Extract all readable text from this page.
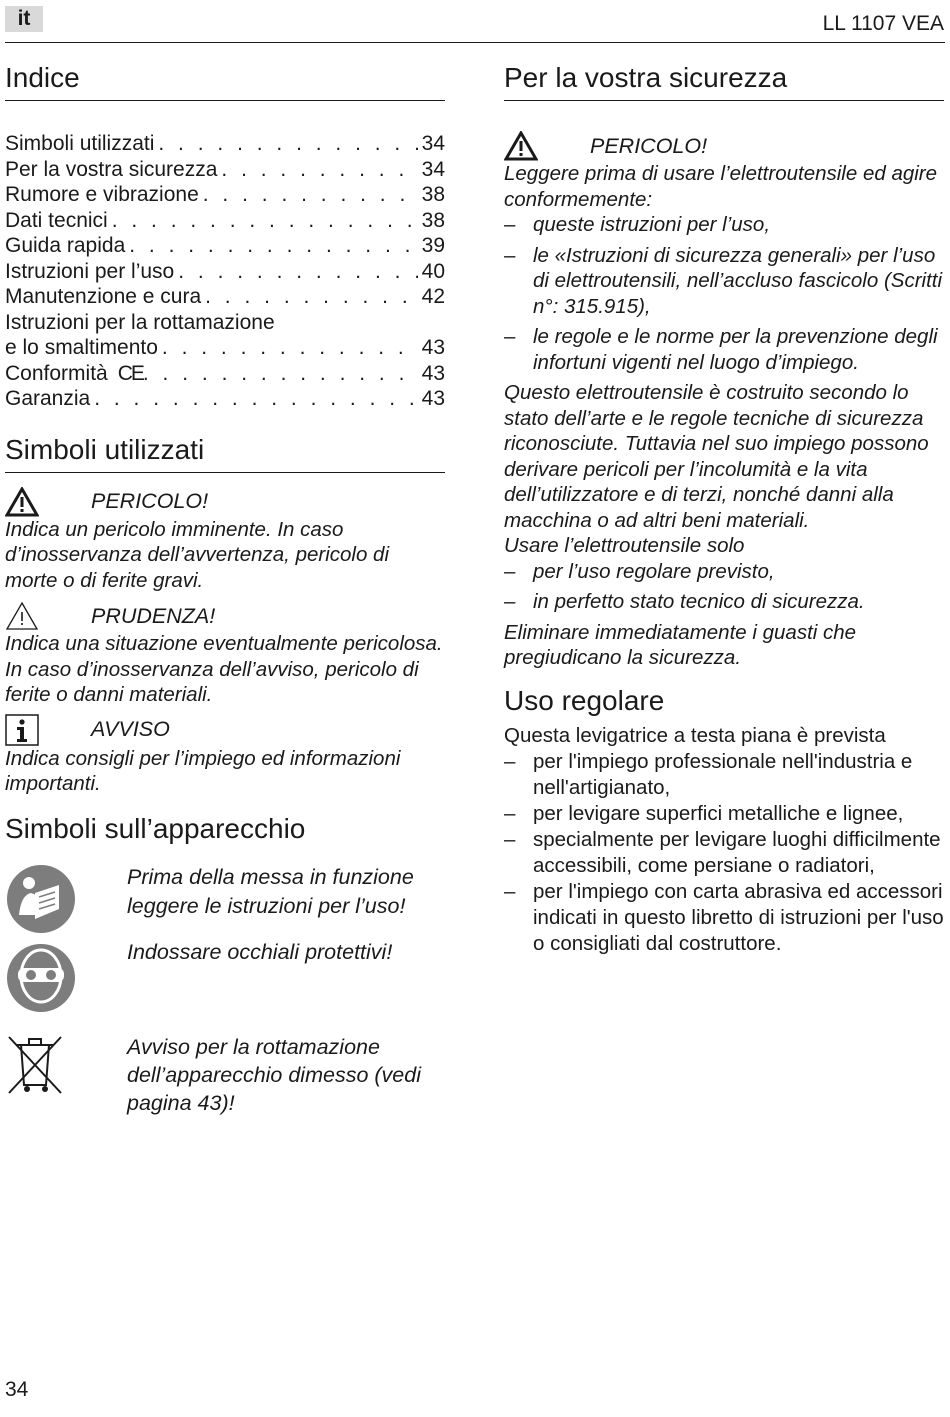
it	LL 1107 VEA
Indice
Simboli utilizzati . . .	34
Per la vostra sicurezza . . .	34
Rumore e vibrazione . . .	38
Dati tecnici . . .	38
Guida rapida . . .	39
Istruzioni per l’uso . . .	40
Manutenzione e cura . . .	42
Istruzioni per la rottamazione
e lo smaltimento . . .	43
Conformità CE . . .	43
Garanzia . . .	43
Simboli utilizzati
PERICOLO!

Indica un pericolo imminente. In caso d’inosservanza dell’avvertenza, pericolo di morte o di ferite gravi.

PRUDENZA!

Indica una situazione eventualmente pericolosa. In caso d’inosservanza dell’avviso, pericolo di ferite o danni materiali.

AVVISO

Indica consigli per l’impiego ed informazioni importanti.

Simboli sull’apparecchio

Prima della messa in funzione leggere le istruzioni per l’uso!

Indossare occhiali protettivi!

Avviso per la rottamazione dell’apparecchio dimesso (vedi pagina 43)!

Per la vostra sicurezza
PERICOLO!

Leggere prima di usare l’elettroutensile ed agire conformemente:

– queste istruzioni per l’uso,
– le «Istruzioni di sicurezza generali» per l’uso di elettroutensili, nell’accluso fascicolo (Scritti n°: 315.915),
– le regole e le norme per la prevenzione degli infortuni vigenti nel luogo d’impiego.

Questo elettroutensile è costruito secondo lo stato dell’arte e le regole tecniche di sicurezza riconosciute. Tuttavia nel suo impiego possono derivare pericoli per l’incolumità e la vita dell’utilizzatore e di terzi, nonché danni alla macchina o ad altri beni materiali.

Usare l’elettroutensile solo

– per l’uso regolare previsto,
– in perfetto stato tecnico di sicurezza.

Eliminare immediatamente i guasti che pregiudicano la sicurezza.

Uso regolare

Questa levigatrice a testa piana è prevista

– per l'impiego professionale nell'industria e nell'artigianato,
– per levigare superfici metalliche e lignee,
– specialmente per levigare luoghi difficilmente accessibili, come persiane o radiatori,
– per l'impiego con carta abrasiva ed accessori indicati in questo libretto di istruzioni per l'uso o consigliati dal costruttore.
34
